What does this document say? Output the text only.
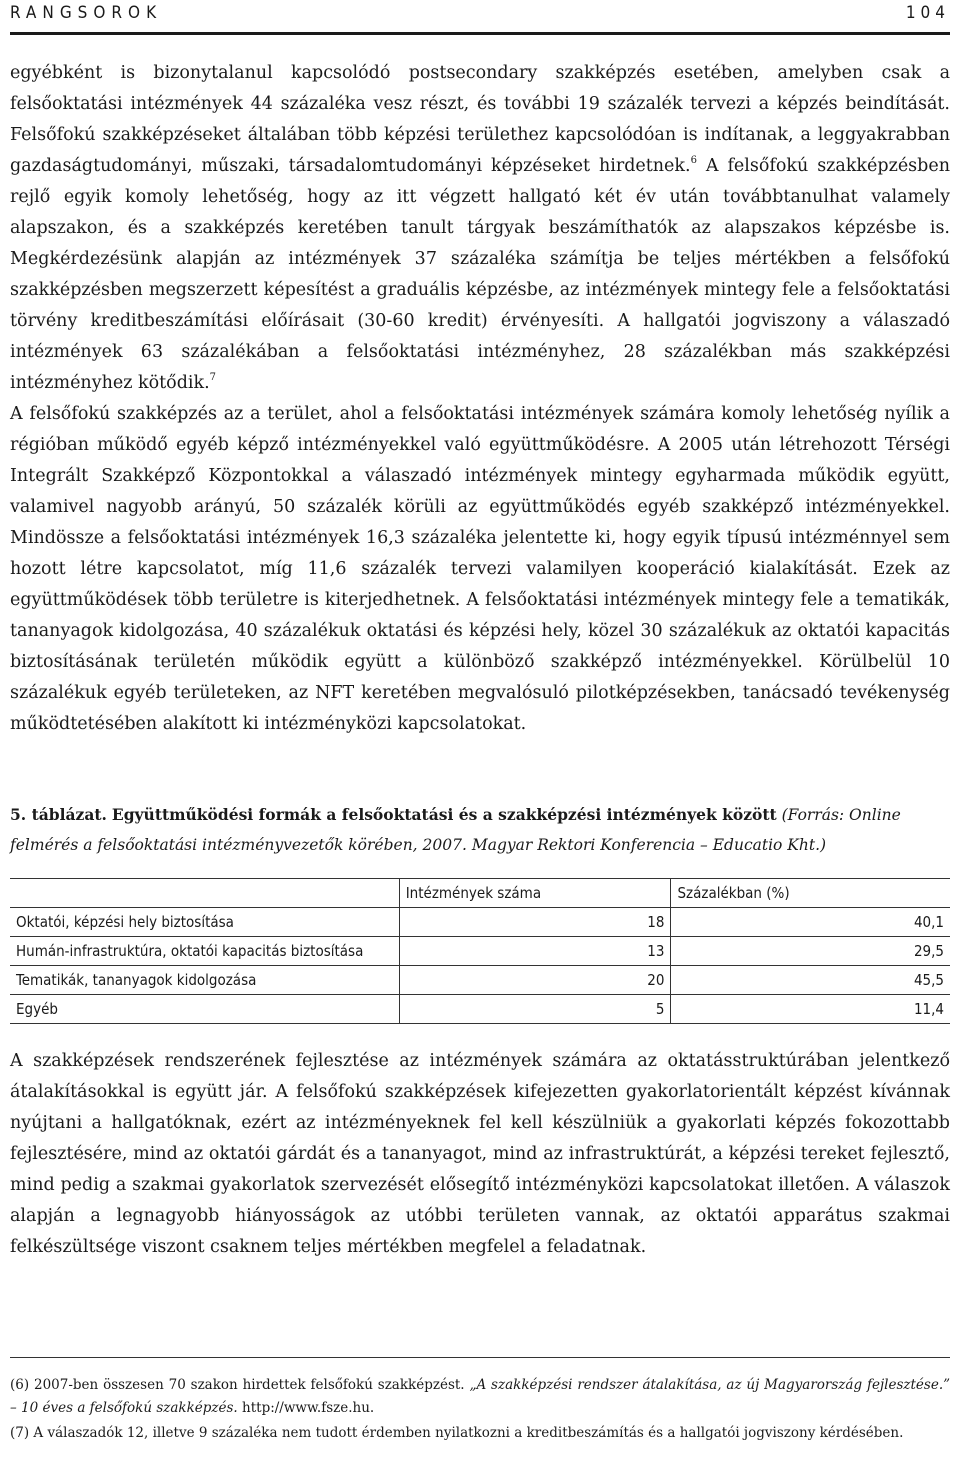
RANGSOROK	104

egyébként is bizonytalanul kapcsolódó postsecondary szakképzés esetében, amelyben csak a felsőoktatási intézmények 44 százaléka vesz részt, és további 19 százalék tervezi a képzés beindítását. Felsőfokú szakképzéseket általában több képzési területhez kapcsolódóan is indítanak, a leggyakrabban gazdaságtudományi, műszaki, társadalomtudományi képzéseket hirdetnek.$^6$ A felsőfokú szakképzésben rejlő egyik komoly lehetőség, hogy az itt végzett hallgató két év után továbbtanulhat valamely alapszakon, és a szakképzés keretében tanult tárgyak beszámíthatók az alapszakos képzésbe is. Megkérdezésünk alapján az intézmények 37 százaléka számítja be teljes mértékben a felsőfokú szakképzésben megszerzett képesítést a graduális képzésbe, az intézmények mintegy fele a felsőoktatási törvény kreditbeszámítási előírásait (30-60 kredit) érvényesíti. A hallgatói jogviszony a válaszadó intézmények 63 százalékában a felsőoktatási intézményhez, 28 százalékban más szakképzési intézményhez kötődik.$^7$

A felsőfokú szakképzés az a terület, ahol a felsőoktatási intézmények számára komoly lehetőség nyílik a régióban működő egyéb képző intézményekkel való együttműködésre. A 2005 után létrehozott Térségi Integrált Szakképző Központokkal a válaszadó intézmények mintegy egyharmada működik együtt, valamivel nagyobb arányú, 50 százalék körüli az együttműködés egyéb szakképző intézményekkel. Mindössze a felsőoktatási intézmények 16,3 százaléka jelentette ki, hogy egyik típusú intézménnyel sem hozott létre kapcsolatot, míg 11,6 százalék tervezi valamilyen kooperáció kialakítását. Ezek az együttműködések több területre is kiterjedhetnek. A felsőoktatási intézmények mintegy fele a tematikák, tananyagok kidolgozása, 40 százalékuk oktatási és képzési hely, közel 30 százalékuk az oktatói kapacitás biztosításának területén működik együtt a különböző szakképző intézményekkel. Körülbelül 10 százalékuk egyéb területeken, az NFT keretében megvalósuló pilotképzésekben, tanácsadó tevékenység működtetésében alakított ki intézményközi kapcsolatokat.

5. táblázat. Együttműködési formák a felsőoktatási és a szakképzési intézmények között (Forrás: Online felmérés a felsőoktatási intézményvezetők körében, 2007. Magyar Rektori Konferencia – Educatio Kht.)
	Intézmények száma	Százalékban (%)
Oktatói, képzési hely biztosítása	18	40,1
Humán-infrastruktúra, oktatói kapacitás biztosítása	13	29,5
Tematikák, tananyagok kidolgozása	20	45,5
Egyéb	5	11,4

A szakképzések rendszerének fejlesztése az intézmények számára az oktatásstruktúrában jelentkező átalakításokkal is együtt jár. A felsőfokú szakképzések kifejezetten gyakorlatorientált képzést kívánnak nyújtani a hallgatóknak, ezért az intézményeknek fel kell készülniük a gyakorlati képzés fokozottabb fejlesztésére, mind az oktatói gárdát és a tananyagot, mind az infrastruktúrát, a képzési tereket fejlesztő, mind pedig a szakmai gyakorlatok szervezését elősegítő intézményközi kapcsolatokat illetően. A válaszok alapján a legnagyobb hiányosságok az utóbbi területen vannak, az oktatói apparátus szakmai felkészültsége viszont csaknem teljes mértékben megfelel a feladatnak.

(6) 2007-ben összesen 70 szakon hirdettek felsőfokú szakképzést. „A szakképzési rendszer átalakítása, az új Magyarország fejlesztése.” – 10 éves a felsőfokú szakképzés. http://www.fsze.hu.

(7) A válaszadók 12, illetve 9 százaléka nem tudott érdemben nyilatkozni a kreditbeszámítás és a hallgatói jogviszony kérdésében.
